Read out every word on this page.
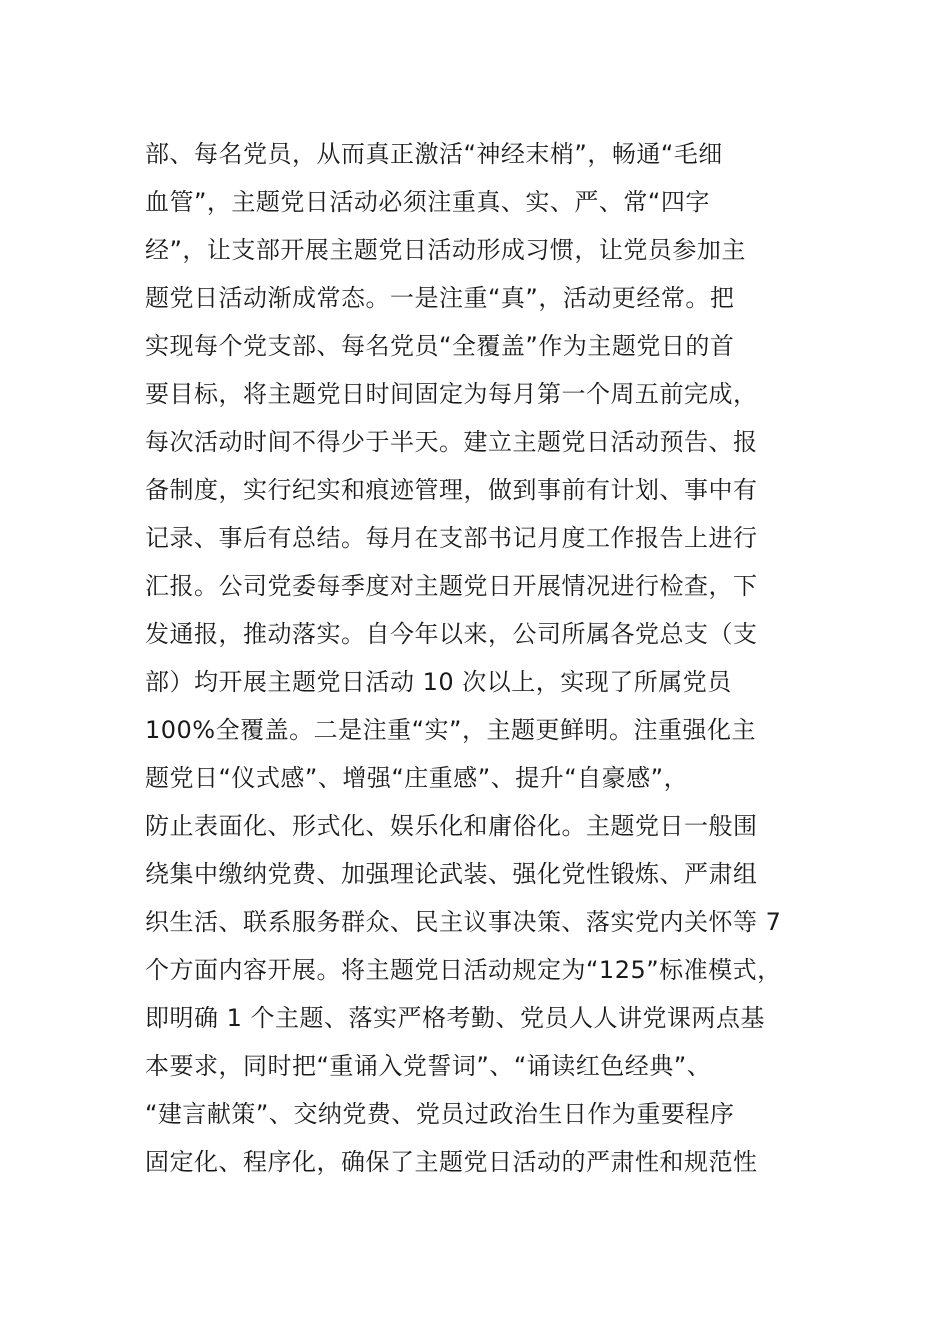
部、每名党员，从而真正激活“神经末梢”，畅通“毛细
血管”，主题党日活动必须注重真、实、严、常“四字
经”，让支部开展主题党日活动形成习惯，让党员参加主
题党日活动渐成常态。一是注重“真”，活动更经常。把
实现每个党支部、每名党员“全覆盖”作为主题党日的首
要目标，将主题党日时间固定为每月第一个周五前完成，
每次活动时间不得少于半天。建立主题党日活动预告、报
备制度，实行纪实和痕迹管理，做到事前有计划、事中有
记录、事后有总结。每月在支部书记月度工作报告上进行
汇报。公司党委每季度对主题党日开展情况进行检查，下
发通报，推动落实。自今年以来，公司所属各党总支（支
部）均开展主题党日活动 10 次以上，实现了所属党员
100%全覆盖。二是注重“实”，主题更鲜明。注重强化主
题党日“仪式感”、增强“庄重感”、提升“自豪感”，
防止表面化、形式化、娱乐化和庸俗化。主题党日一般围
绕集中缴纳党费、加强理论武装、强化党性锻炼、严肃组
织生活、联系服务群众、民主议事决策、落实党内关怀等 7
个方面内容开展。将主题党日活动规定为“125”标准模式，
即明确 1 个主题、落实严格考勤、党员人人讲党课两点基
本要求，同时把“重诵入党誓词”、“诵读红色经典”、
“建言献策”、交纳党费、党员过政治生日作为重要程序
固定化、程序化，确保了主题党日活动的严肃性和规范性
